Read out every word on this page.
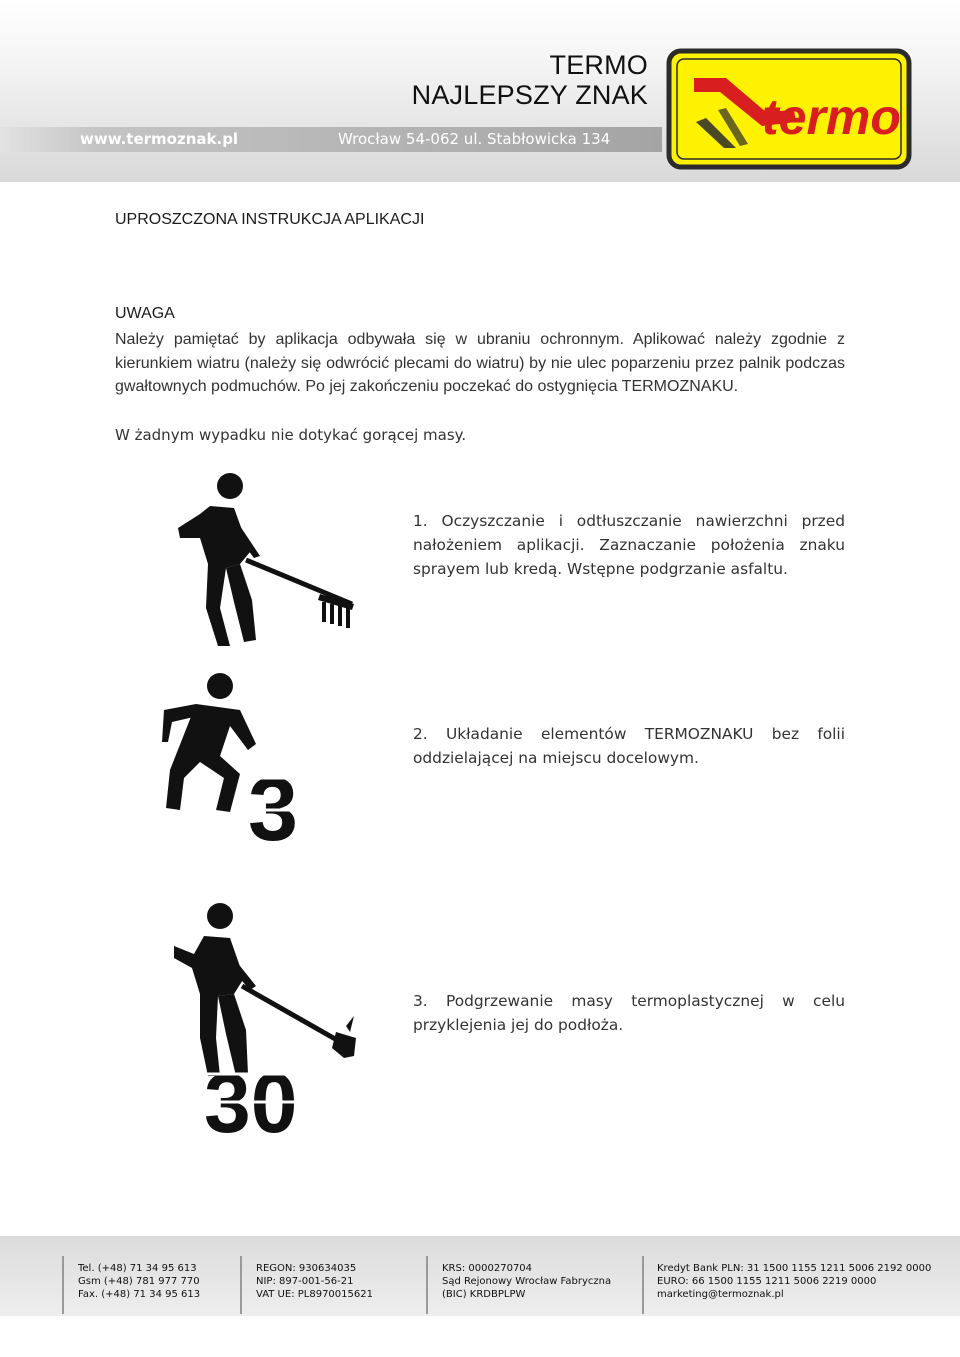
TERMO
NAJLEPSZY ZNAK
www.termoznak.pl	Wrocław 54-062 ul. Stabłowicka 134	termo
UPROSZCZONA INSTRUKCJA APLIKACJI
UWAGA
Należy pamiętać by aplikacja odbywała się w ubraniu ochronnym. Aplikować należy zgodnie z kierunkiem wiatru (należy się odwrócić plecami do wiatru) by nie ulec poparzeniu przez palnik podczas gwałtownych podmuchów. Po jej zakończeniu poczekać do ostygnięcia TERMOZNAKU.
W żadnym wypadku nie dotykać gorącej masy.
3
30
1. Oczyszczanie i odtłuszczanie nawierzchni przed nałożeniem aplikacji. Zaznaczanie położenia znaku sprayem lub kredą. Wstępne podgrzanie asfaltu.
2. Układanie elementów TERMOZNAKU bez folii oddzielającej na miejscu docelowym.
3. Podgrzewanie masy termoplastycznej w celu przyklejenia jej do podłoża.
Tel. (+48) 71 34 95 613
Gsm (+48) 781 977 770
Fax. (+48) 71 34 95 613
REGON: 930634035
NIP: 897-001-56-21
VAT UE: PL8970015621
KRS: 0000270704
Sąd Rejonowy Wrocław Fabryczna
(BIC) KRDBPLPW
Kredyt Bank PLN: 31 1500 1155 1211 5006 2192 0000
EURO: 66 1500 1155 1211 5006 2219 0000
marketing@termoznak.pl
